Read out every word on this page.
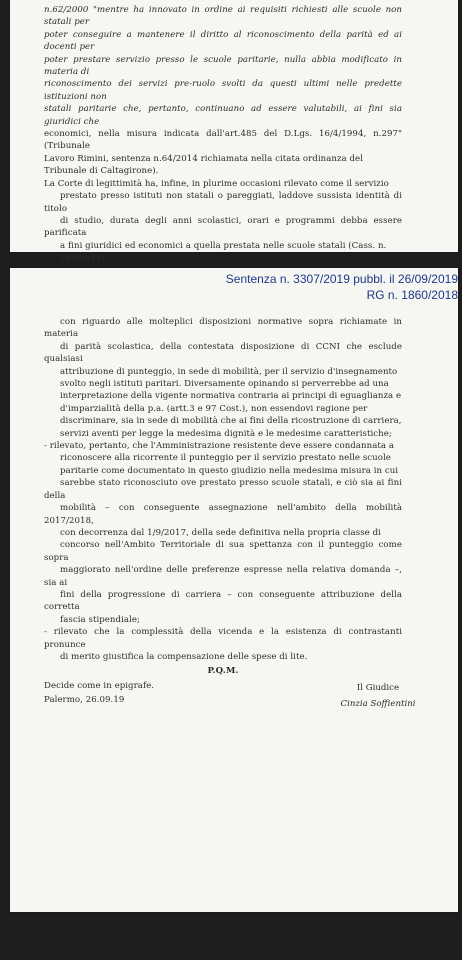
n.62/2000 "mentre ha innovato in ordine ai requisiti richiesti alle scuole non statali per

poter conseguire a mantenere il diritto al riconoscimento della parità ed ai docenti per

poter prestare servizio presso le scuole paritarie, nulla abbia modificato in materia di

riconoscimento dei servizi pre-ruolo svolti da questi ultimi nelle predette istituzioni non

statali paritarie che, pertanto, continuano ad essere valutabili, ai fini sia giuridici che

economici, nella misura indicata dall'art.485 del D.Lgs. 16/4/1994, n.297" (Tribunale

Lavoro Rimini, sentenza n.64/2014 richiamata nella citata ordinanza del

Tribunale di Caltagirone).

La Corte di legittimità ha, infine, in plurime occasioni rilevato come il servizio

prestato presso istituti non statali o pareggiati, laddove sussista identità di titolo

di studio, durata degli anni scolastici, orari e programmi debba essere parificata

a fini giuridici ed economici a quella prestata nelle scuole statali (Cass. n.

16623/12);

Sentenza n. 3307/2019 pubbl. il 26/09/2019
RG n. 1860/2018

con riguardo alle molteplici disposizioni normative sopra richiamate in materia

di parità scolastica, della contestata disposizione di CCNI che esclude qualsiasi

attribuzione di punteggio, in sede di mobilità, per il servizio d'insegnamento

svolto negli istituti paritari. Diversamente opinando si perverrebbe ad una

interpretazione della vigente normativa contraria ai principi di eguaglianza e

d'imparzialità della p.a. (artt.3 e 97 Cost.), non essendovi ragione per

discriminare, sia in sede di mobilità che ai fini della ricostruzione di carriera,

servizi aventi per legge la medesima dignità e le medesime caratteristiche;

- rilevato, pertanto, che l'Amministrazione resistente deve essere condannata a

riconoscere alla ricorrente il punteggio per il servizio prestato nelle scuole

paritarie come documentato in questo giudizio nella medesima misura in cui

sarebbe stato riconosciuto ove prestato presso scuole statali, e ciò sia ai fini della

mobilità – con conseguente assegnazione nell'ambito della mobilità 2017/2018,

con decorrenza dal 1/9/2017, della sede definitiva nella propria classe di

concorso nell'Ambito Territoriale di sua spettanza con il punteggio come sopra

maggiorato nell'ordine delle preferenze espresse nella relativa domanda –, sia ai

fini della progressione di carriera – con conseguente attribuzione della corretta

fascia stipendiale;

- rilevato che la complessità della vicenda e la esistenza di contrastanti pronunce

di merito giustifica la compensazione delle spese di lite.

P.Q.M.

Decide come in epigrafe.

Palermo, 26.09.19

Il Giudice
Cinzia Soffientini
